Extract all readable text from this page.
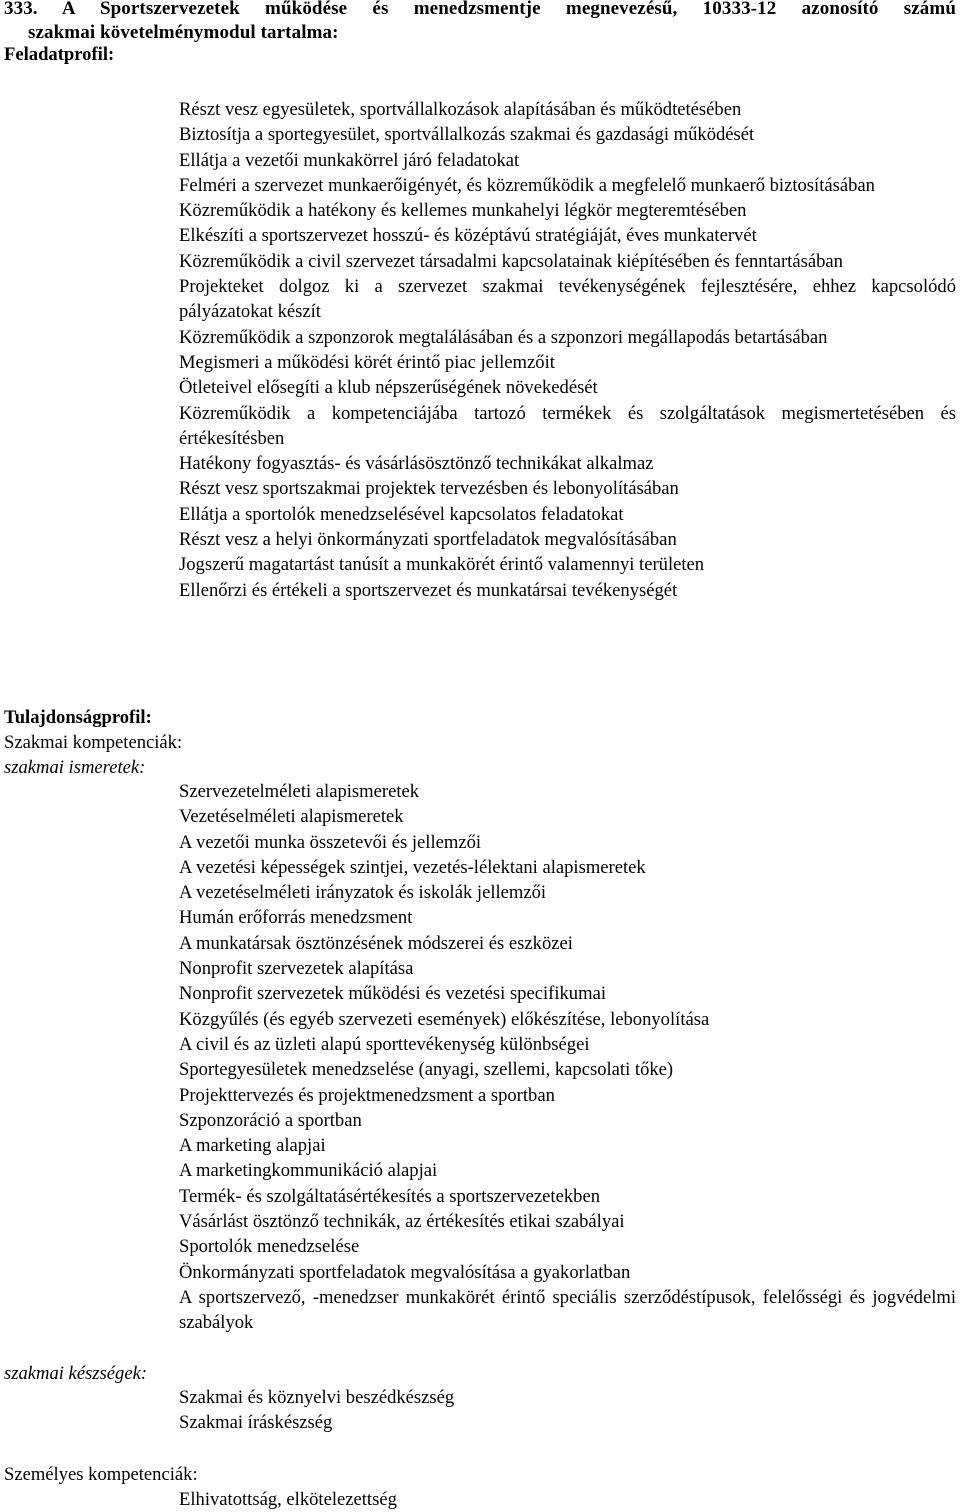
333. A Sportszervezetek működése és menedzsmentje megnevezésű, 10333-12 azonosító számú
szakmai követelménymodul tartalma:
Feladatprofil:
Részt vesz egyesületek, sportvállalkozások alapításában és működtetésében
Biztosítja a sportegyesület, sportvállalkozás szakmai és gazdasági működését
Ellátja a vezetői munkakörrel járó feladatokat
Felméri a szervezet munkaerőigényét, és közreműködik a megfelelő munkaerő biztosításában
Közreműködik a hatékony és kellemes munkahelyi légkör megteremtésében
Elkészíti a sportszervezet hosszú- és középtávú stratégiáját, éves munkatervét
Közreműködik a civil szervezet társadalmi kapcsolatainak kiépítésében és fenntartásában
Projekteket dolgoz ki a szervezet szakmai tevékenységének fejlesztésére, ehhez kapcsolódó pályázatokat készít
Közreműködik a szponzorok megtalálásában és a szponzori megállapodás betartásában
Megismeri a működési körét érintő piac jellemzőit
Ötleteivel elősegíti a klub népszerűségének növekedését
Közreműködik a kompetenciájába tartozó termékek és szolgáltatások megismertetésében és értékesítésben
Hatékony fogyasztás- és vásárlásösztönző technikákat alkalmaz
Részt vesz sportszakmai projektek tervezésben és lebonyolításában
Ellátja a sportolók menedzselésével kapcsolatos feladatokat
Részt vesz a helyi önkormányzati sportfeladatok megvalósításában
Jogszerű magatartást tanúsít a munkakörét érintő valamennyi területen
Ellenőrzi és értékeli a sportszervezet és munkatársai tevékenységét
Tulajdonságprofil:
Szakmai kompetenciák:
szakmai ismeretek:
Szervezetelméleti alapismeretek
Vezetéselméleti alapismeretek
A vezetői munka összetevői és jellemzői
A vezetési képességek szintjei, vezetés-lélektani alapismeretek
A vezetéselméleti irányzatok és iskolák jellemzői
Humán erőforrás menedzsment
A munkatársak ösztönzésének módszerei és eszközei
Nonprofit szervezetek alapítása
Nonprofit szervezetek működési és vezetési specifikumai
Közgyűlés (és egyéb szervezeti események) előkészítése, lebonyolítása
A civil és az üzleti alapú sporttevékenység különbségei
Sportegyesületek menedzselése (anyagi, szellemi, kapcsolati tőke)
Projekttervezés és projektmenedzsment a sportban
Szponzoráció a sportban
A marketing alapjai
A marketingkommunikáció alapjai
Termék- és szolgáltatásértékesítés a sportszervezetekben
Vásárlást ösztönző technikák, az értékesítés etikai szabályai
Sportolók menedzselése
Önkormányzati sportfeladatok megvalósítása a gyakorlatban
A sportszervező, -menedzser munkakörét érintő speciális szerződéstípusok, felelősségi és jogvédelmi szabályok
szakmai készségek:
Szakmai és köznyelvi beszédkészség
Szakmai íráskészség
Személyes kompetenciák:
Elhivatottság, elkötelezettség
